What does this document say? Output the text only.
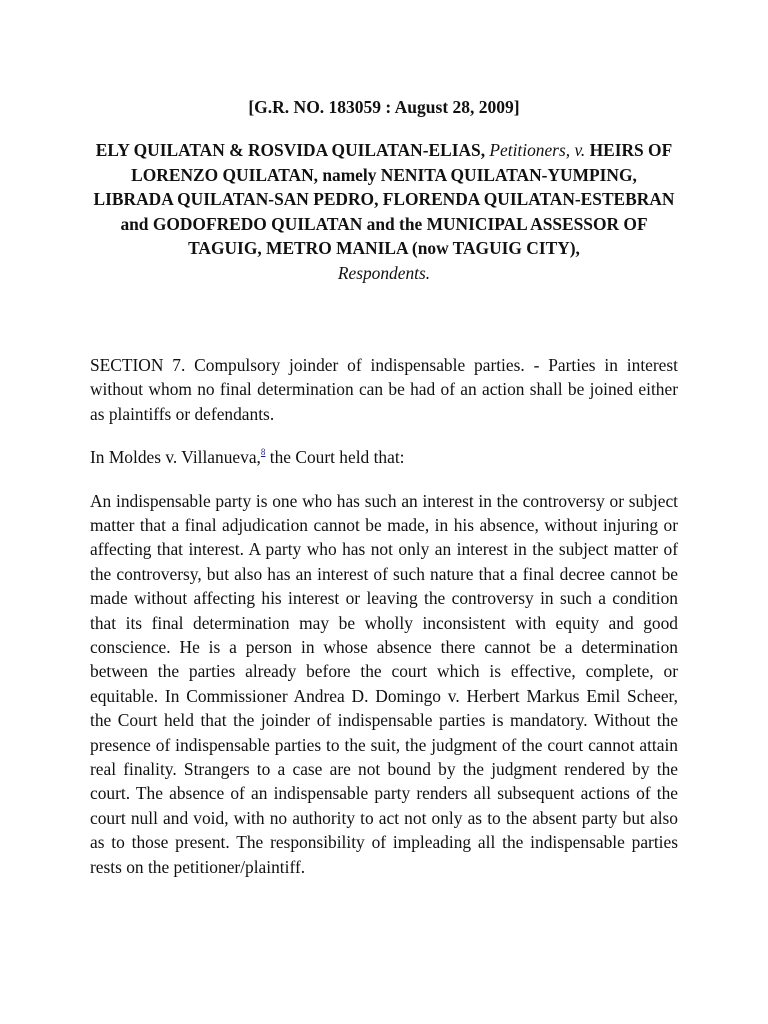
[G.R. NO. 183059 : August 28, 2009]
ELY QUILATAN & ROSVIDA QUILATAN-ELIAS, Petitioners, v. HEIRS OF LORENZO QUILATAN, namely NENITA QUILATAN-YUMPING, LIBRADA QUILATAN-SAN PEDRO, FLORENDA QUILATAN-ESTEBRAN and GODOFREDO QUILATAN and the MUNICIPAL ASSESSOR OF TAGUIG, METRO MANILA (now TAGUIG CITY),
Respondents.

SECTION 7. Compulsory joinder of indispensable parties. - Parties in interest without whom no final determination can be had of an action shall be joined either as plaintiffs or defendants.

In Moldes v. Villanueva,$^8$ the Court held that:

An indispensable party is one who has such an interest in the controversy or subject matter that a final adjudication cannot be made, in his absence, without injuring or affecting that interest. A party who has not only an interest in the subject matter of the controversy, but also has an interest of such nature that a final decree cannot be made without affecting his interest or leaving the controversy in such a condition that its final determination may be wholly inconsistent with equity and good conscience. He is a person in whose absence there cannot be a determination between the parties already before the court which is effective, complete, or equitable. In Commissioner Andrea D. Domingo v. Herbert Markus Emil Scheer, the Court held that the joinder of indispensable parties is mandatory. Without the presence of indispensable parties to the suit, the judgment of the court cannot attain real finality. Strangers to a case are not bound by the judgment rendered by the court. The absence of an indispensable party renders all subsequent actions of the court null and void, with no authority to act not only as to the absent party but also as to those present. The responsibility of impleading all the indispensable parties rests on the petitioner/plaintiff.
